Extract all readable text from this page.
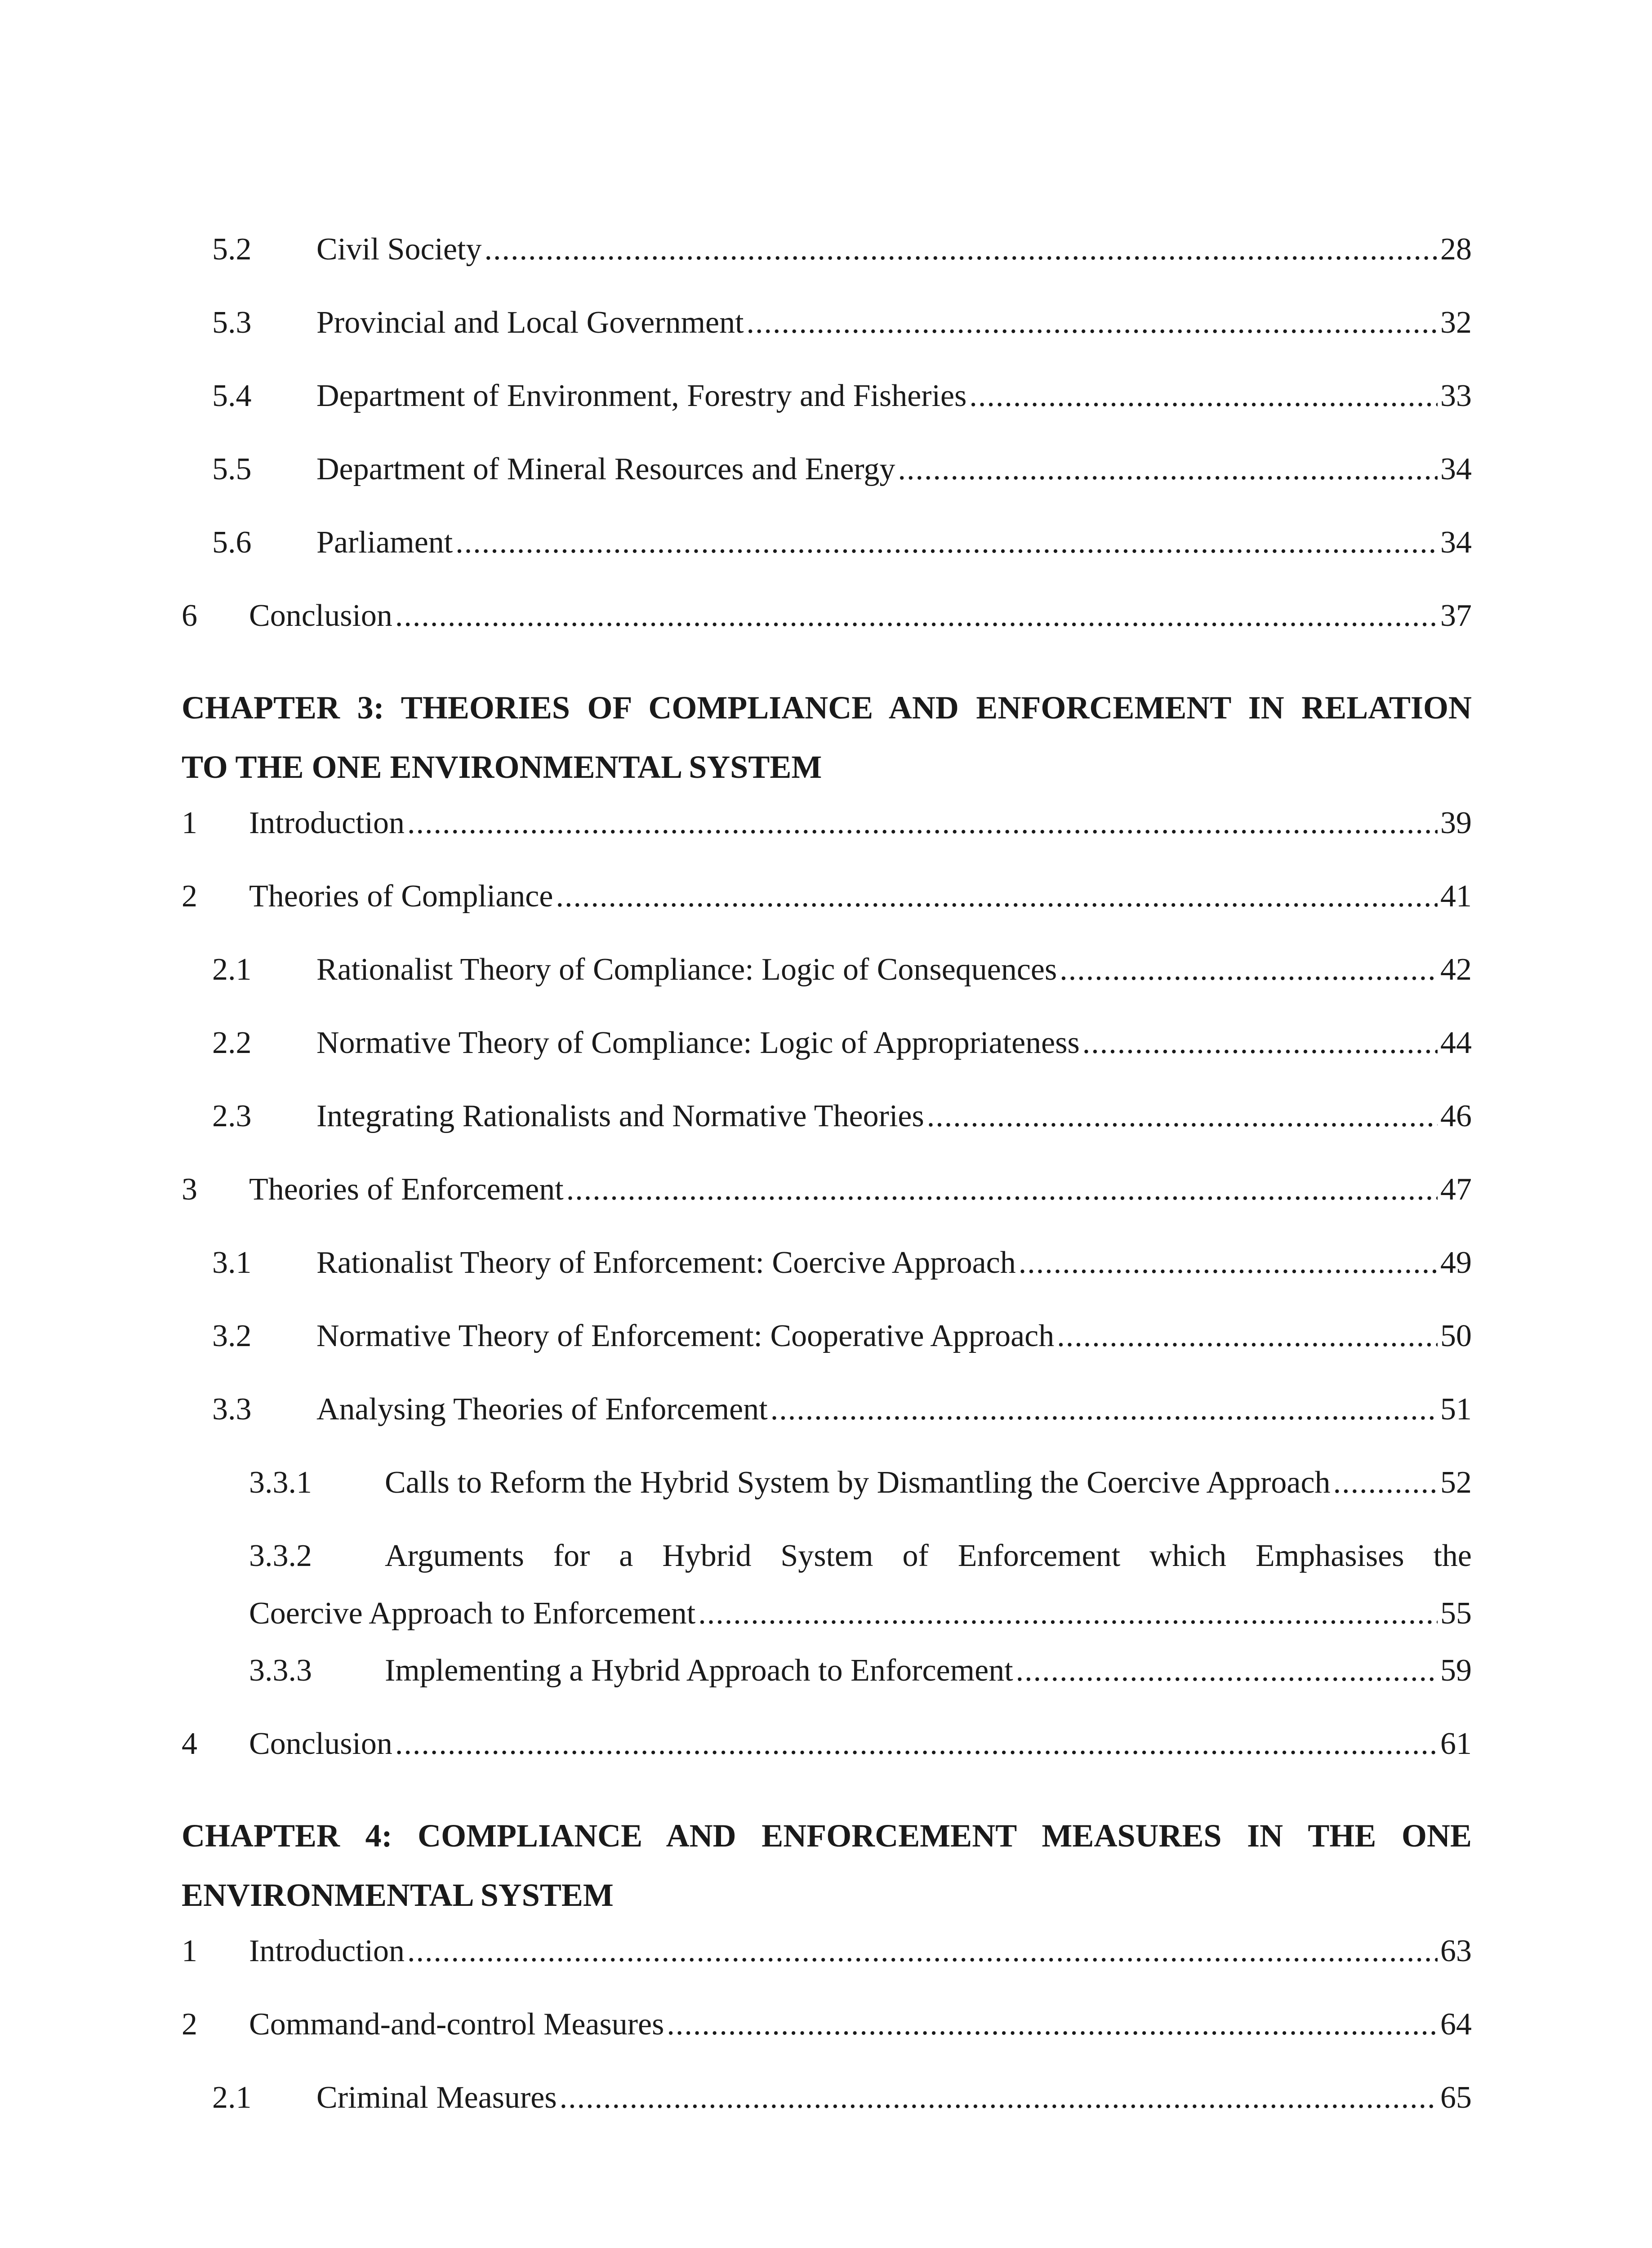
5.2	Civil Society .....	28
5.3	Provincial and Local Government .....	32
5.4	Department of Environment, Forestry and Fisheries .....	33
5.5	Department of Mineral Resources and Energy .....	34
5.6	Parliament .....	34
6	Conclusion .....	37
CHAPTER 3: THEORIES OF COMPLIANCE AND ENFORCEMENT IN RELATION
TO THE ONE ENVIRONMENTAL SYSTEM
1	Introduction .....	39
2	Theories of Compliance .....	41
2.1	Rationalist Theory of Compliance: Logic of Consequences .....	42
2.2	Normative Theory of Compliance: Logic of Appropriateness .....	44
2.3	Integrating Rationalists and Normative Theories .....	46
3	Theories of Enforcement .....	47
3.1	Rationalist Theory of Enforcement: Coercive Approach .....	49
3.2	Normative Theory of Enforcement: Cooperative Approach .....	50
3.3	Analysing Theories of Enforcement .....	51
3.3.1	Calls to Reform the Hybrid System by Dismantling the Coercive Approach .....	52
3.3.2	Arguments for a Hybrid System of Enforcement which Emphasises the
Coercive Approach to Enforcement .....	55
3.3.3	Implementing a Hybrid Approach to Enforcement .....	59
4	Conclusion .....	61
CHAPTER 4: COMPLIANCE AND ENFORCEMENT MEASURES IN THE ONE
ENVIRONMENTAL SYSTEM
1	Introduction .....	63
2	Command-and-control Measures .....	64
2.1	Criminal Measures .....	65
